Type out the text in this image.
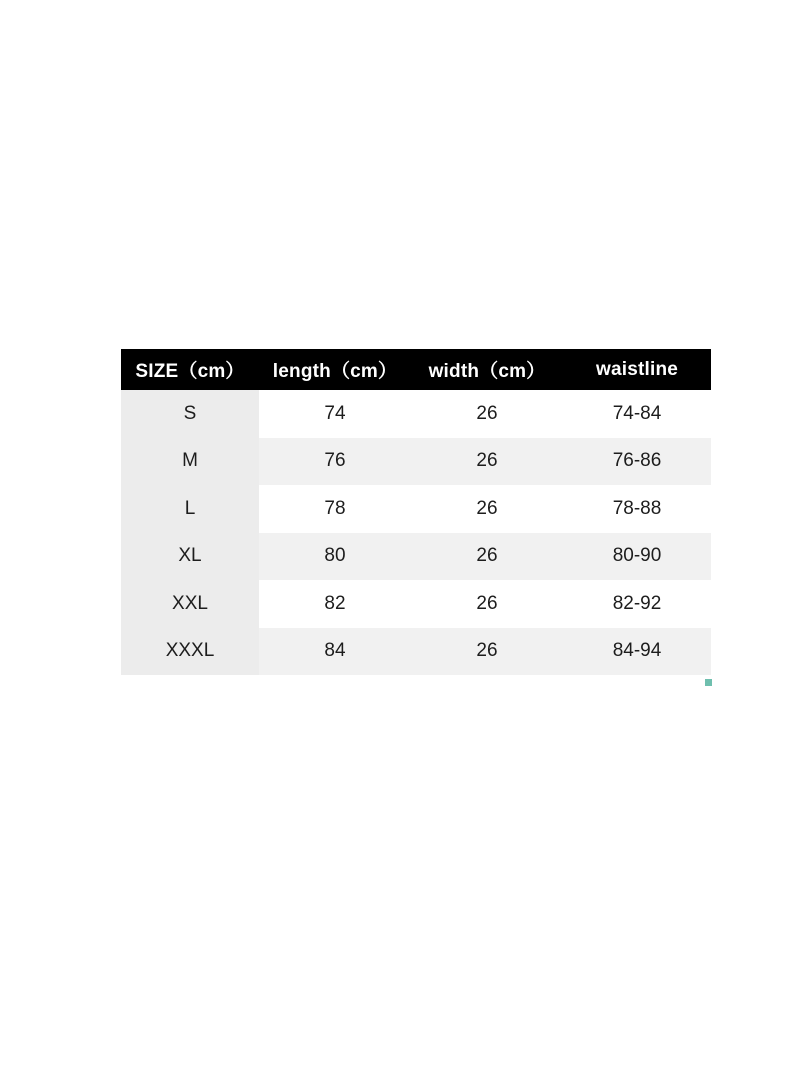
SIZE（cm）	length（cm）	width（cm）	waistline
S	74	26	74-84
M	76	26	76-86
L	78	26	78-88
XL	80	26	80-90
XXL	82	26	82-92
XXXL	84	26	84-94
